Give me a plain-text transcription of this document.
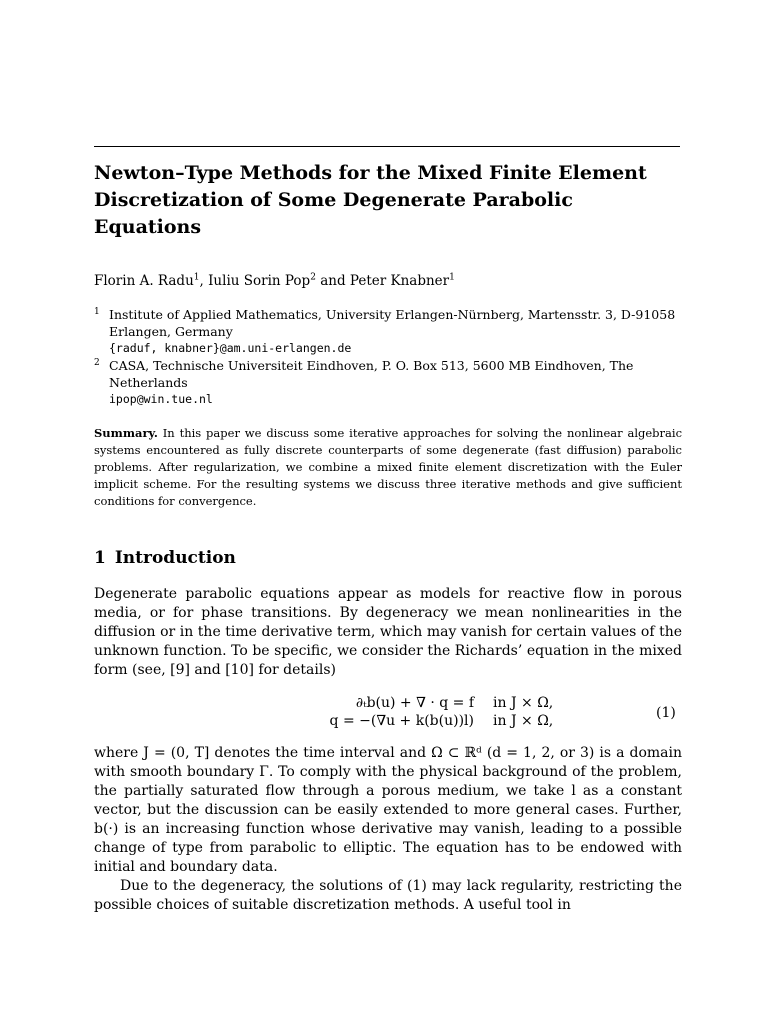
Newton–Type Methods for the Mixed Finite Element Discretization of Some Degenerate Parabolic Equations
Florin A. Radu$^1$, Iuliu Sorin Pop$^2$ and Peter Knabner$^1$
1 Institute of Applied Mathematics, University Erlangen-Nürnberg, Martensstr. 3, D-91058 Erlangen, Germany
{raduf, knabner}@am.uni-erlangen.de
2 CASA, Technische Universiteit Eindhoven, P. O. Box 513, 5600 MB Eindhoven, The Netherlands
ipop@win.tue.nl
Summary. In this paper we discuss some iterative approaches for solving the nonlinear algebraic systems encountered as fully discrete counterparts of some degenerate (fast diffusion) parabolic problems. After regularization, we combine a mixed finite element discretization with the Euler implicit scheme. For the resulting systems we discuss three iterative methods and give sufficient conditions for convergence.
1 Introduction

Degenerate parabolic equations appear as models for reactive flow in porous media, or for phase transitions. By degeneracy we mean nonlinearities in the diffusion or in the time derivative term, which may vanish for certain values of the unknown function. To be specific, we consider the Richards’ equation in the mixed form (see, [9] and [10] for details)

∂ₜb(u) + ∇ · q = f
q = −(∇u + k(b(u))l)
in J × Ω,
in J × Ω,	(1)

where J = (0, T] denotes the time interval and Ω ⊂ ℝᵈ (d = 1, 2, or 3) is a domain with smooth boundary Γ. To comply with the physical background of the problem, the partially saturated flow through a porous medium, we take l as a constant vector, but the discussion can be easily extended to more general cases. Further, b(·) is an increasing function whose derivative may vanish, leading to a possible change of type from parabolic to elliptic. The equation has to be endowed with initial and boundary data.

Due to the degeneracy, the solutions of (1) may lack regularity, restricting the possible choices of suitable discretization methods. A useful tool in
